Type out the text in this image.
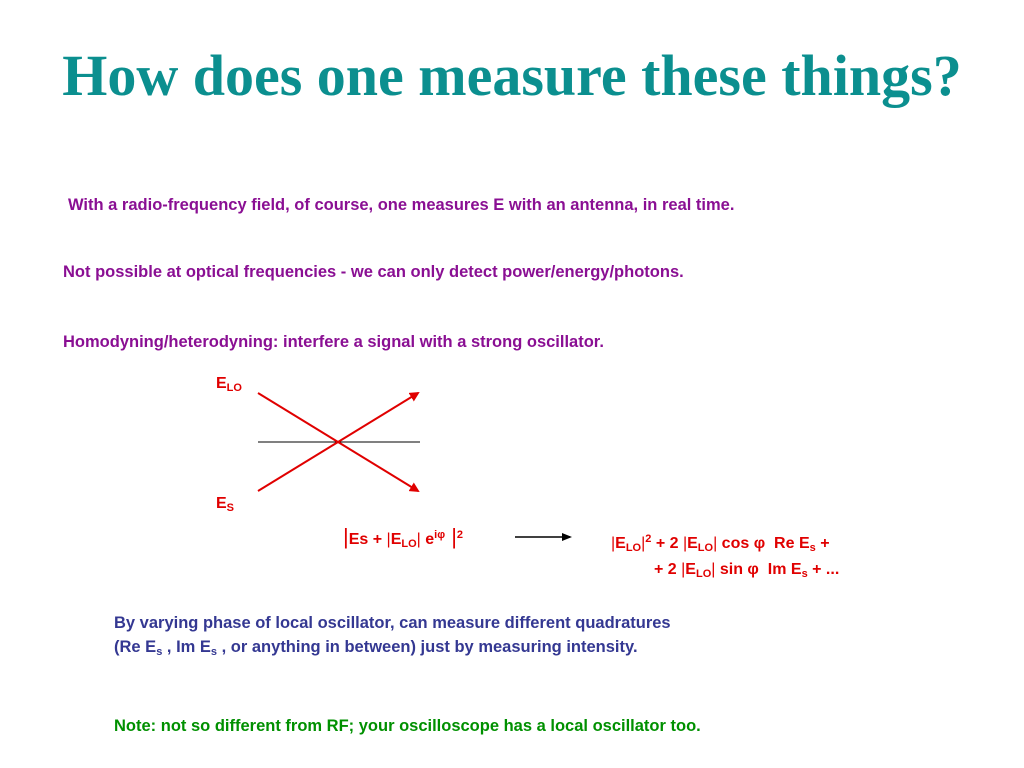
How does one measure these things?
With a radio-frequency field, of course, one measures E with an antenna, in real time.
Not possible at optical frequencies - we can only detect power/energy/photons.
Homodyning/heterodyning: interfere a signal with a strong oscillator.
$E_{LO}$
$E_S$
$|Es + |E_{LO}|$ $e^{i\varphi}$ $|^2$	$|E_{LO}|^2 + 2$ $|E_{LO}|$ cos φ  Re $E_s$ +
+ 2 $|E_{LO}|$ sin φ  Im $E_s$ + ...
By varying phase of local oscillator, can measure different quadratures
(Re $E_s$ , Im $E_s$ , or anything in between) just by measuring intensity.
Note: not so different from RF; your oscilloscope has a local oscillator too.
